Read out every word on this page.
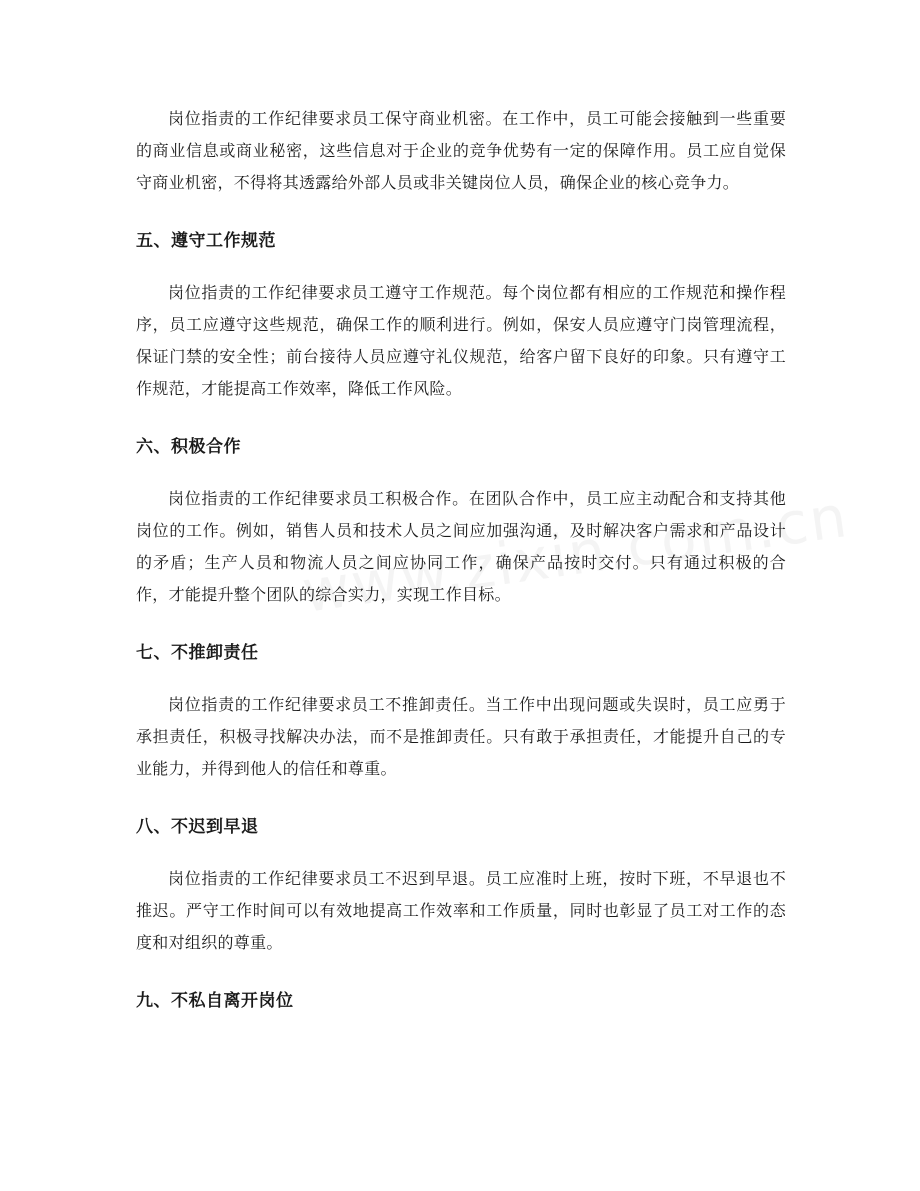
岗位指责的工作纪律要求员工保守商业机密。在工作中，员工可能会接触到一些重要的商业信息或商业秘密，这些信息对于企业的竞争优势有一定的保障作用。员工应自觉保守商业机密，不得将其透露给外部人员或非关键岗位人员，确保企业的核心竞争力。

五、遵守工作规范

岗位指责的工作纪律要求员工遵守工作规范。每个岗位都有相应的工作规范和操作程序，员工应遵守这些规范，确保工作的顺利进行。例如，保安人员应遵守门岗管理流程，保证门禁的安全性；前台接待人员应遵守礼仪规范，给客户留下良好的印象。只有遵守工作规范，才能提高工作效率，降低工作风险。

六、积极合作

岗位指责的工作纪律要求员工积极合作。在团队合作中，员工应主动配合和支持其他岗位的工作。例如，销售人员和技术人员之间应加强沟通，及时解决客户需求和产品设计的矛盾；生产人员和物流人员之间应协同工作，确保产品按时交付。只有通过积极的合作，才能提升整个团队的综合实力，实现工作目标。

七、不推卸责任

岗位指责的工作纪律要求员工不推卸责任。当工作中出现问题或失误时，员工应勇于承担责任，积极寻找解决办法，而不是推卸责任。只有敢于承担责任，才能提升自己的专业能力，并得到他人的信任和尊重。

八、不迟到早退

岗位指责的工作纪律要求员工不迟到早退。员工应准时上班，按时下班，不早退也不推迟。严守工作时间可以有效地提高工作效率和工作质量，同时也彰显了员工对工作的态度和对组织的尊重。

九、不私自离开岗位
